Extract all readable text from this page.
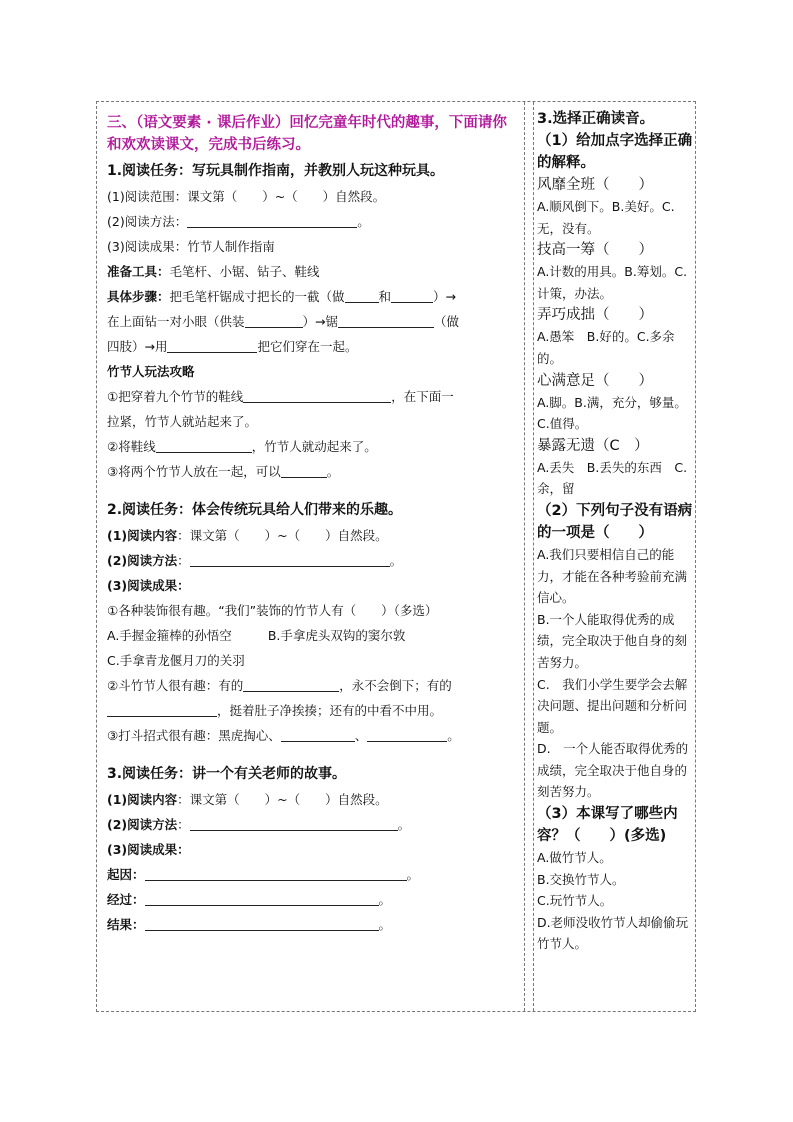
三、（语文要素 · 课后作业）回忆完童年时代的趣事，下面请你和欢欢读课文，完成书后练习。
1.阅读任务：写玩具制作指南，并教别人玩这种玩具。
(1)阅读范围：课文第（　　）~（　　）自然段。
(2)阅读方法：	。
(3)阅读成果：竹节人制作指南
准备工具：毛笔杆、小锯、钻子、鞋线
具体步骤：把毛笔杆锯成寸把长的一截（做	和	）→
在上面钻一对小眼（供装	）→锯	（做
四肢）→用	把它们穿在一起。
竹节人玩法攻略
①把穿着九个竹节的鞋线	，在下面一
拉紧，竹节人就站起来了。
②将鞋线	，竹节人就动起来了。
③将两个竹节人放在一起，可以	。
2.阅读任务：体会传统玩具给人们带来的乐趣。
(1)阅读内容：课文第（　　）~（　　）自然段。
(2)阅读方法：	。
(3)阅读成果：
①各种装饰很有趣。“我们”装饰的竹节人有（　　）（多选）
A.手握金箍棒的孙悟空	B.手拿虎头双钩的窦尔敦
C.手拿青龙偃月刀的关羽
②斗竹节人很有趣：有的	，永不会倒下；有的
，挺着肚子净挨揍；还有的中看不中用。
③打斗招式很有趣：黑虎掏心、	、	。
3.阅读任务：讲一个有关老师的故事。
(1)阅读内容：课文第（　　）~（　　）自然段。
(2)阅读方法：	。
(3)阅读成果：
起因：	。
经过：	。
结果：	。
3.选择正确读音。
（1）给加点字选择正确的解释。
风靡全班（　　）
A.顺风倒下。B.美好。C.无，没有。
技高一筹（　　）
A.计数的用具。B.筹划。C.计策，办法。
弄巧成拙（　　）
A.愚笨　B.好的。C.多余的。
心满意足（　　）
A.脚。B.满，充分，够量。C.值得。
暴露无遗（C　）
A.丢失　B.丢失的东西　C.余，留
（2）下列句子没有语病的一项是（　　）
A.我们只要相信自己的能力，才能在各种考验前充满信心。
B.一个人能取得优秀的成绩，完全取决于他自身的刻苦努力。
C.　我们小学生要学会去解决问题、提出问题和分析问题。
D.　一个人能否取得优秀的成绩，完全取决于他自身的刻苦努力。
（3）本课写了哪些内容？（　　）(多选)
A.做竹节人。
B.交换竹节人。
C.玩竹节人。
D.老师没收竹节人却偷偷玩竹节人。
